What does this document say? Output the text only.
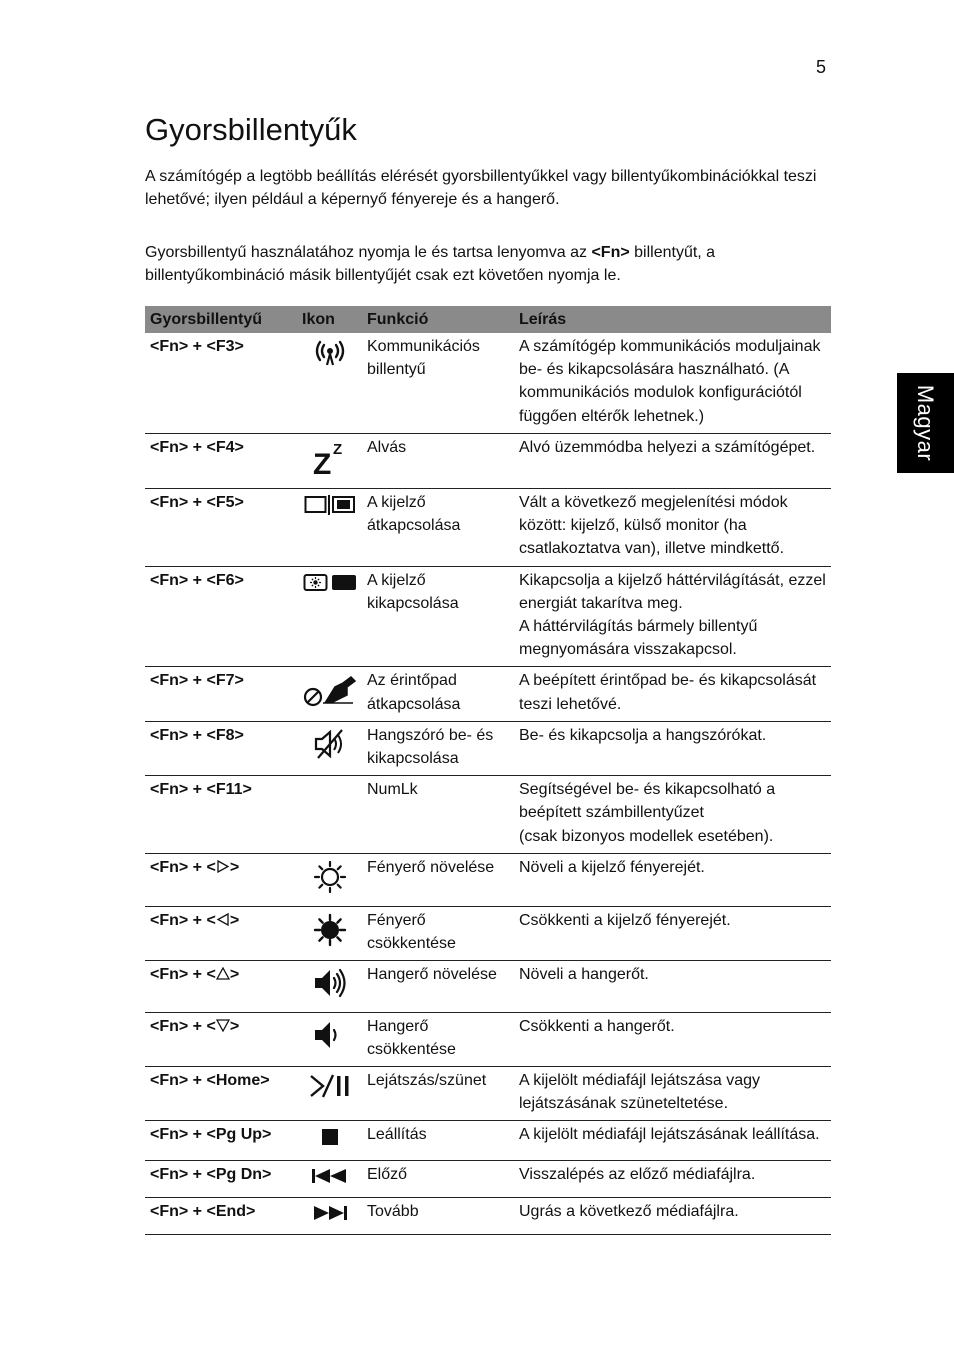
5
Magyar
Gyorsbillentyűk

A számítógép a legtöbb beállítás elérését gyorsbillentyűkkel vagy billentyűkombinációkkal teszi lehetővé; ilyen például a képernyő fényereje és a hangerő.

Gyorsbillentyű használatához nyomja le és tartsa lenyomva az <Fn> billentyűt, a billentyűkombináció másik billentyűjét csak ezt követően nyomja le.

Gyorsbillentyű	Ikon	Funkció	Leírás
<Fn> + <F3>		Kommunikációs billentyű	A számítógép kommunikációs moduljainak be- és kikapcsolására használható. (A kommunikációs modulok konfigurációtól függően eltérők lehetnek.)
<Fn> + <F4>	Z Z	Alvás	Alvó üzemmódba helyezi a számítógépet.
<Fn> + <F5>		A kijelző átkapcsolása	Vált a következő megjelenítési módok között: kijelző, külső monitor (ha csatlakoztatva van), illetve mindkettő.
<Fn> + <F6>		A kijelző kikapcsolása	Kikapcsolja a kijelző háttérvilágítását, ezzel energiát takarítva meg.
A háttérvilágítás bármely billentyű megnyomására visszakapcsol.

<Fn> + <F7>		Az érintőpad átkapcsolása	A beépített érintőpad be- és kikapcsolását teszi lehetővé.
<Fn> + <F8>		Hangszóró be- és kikapcsolása	Be- és kikapcsolja a hangszórókat.
<Fn> + <F11>		NumLk	Segítségével be- és kikapcsolható a beépített számbillentyűzet
(csak bizonyos modellek esetében).

<Fn> + < >		Fényerő növelése	Növeli a kijelző fényerejét.
<Fn> + < >		Fényerő csökkentése	Csökkenti a kijelző fényerejét.
<Fn> + < >		Hangerő növelése	Növeli a hangerőt.
<Fn> + < >		Hangerő csökkentése	Csökkenti a hangerőt.
<Fn> + <Home>		Lejátszás/szünet	A kijelölt médiafájl lejátszása vagy lejátszásának szüneteltetése.
<Fn> + <Pg Up>		Leállítás	A kijelölt médiafájl lejátszásának leállítása.
<Fn> + <Pg Dn>		Előző	Visszalépés az előző médiafájlra.
<Fn> + <End>		Tovább	Ugrás a következő médiafájlra.
